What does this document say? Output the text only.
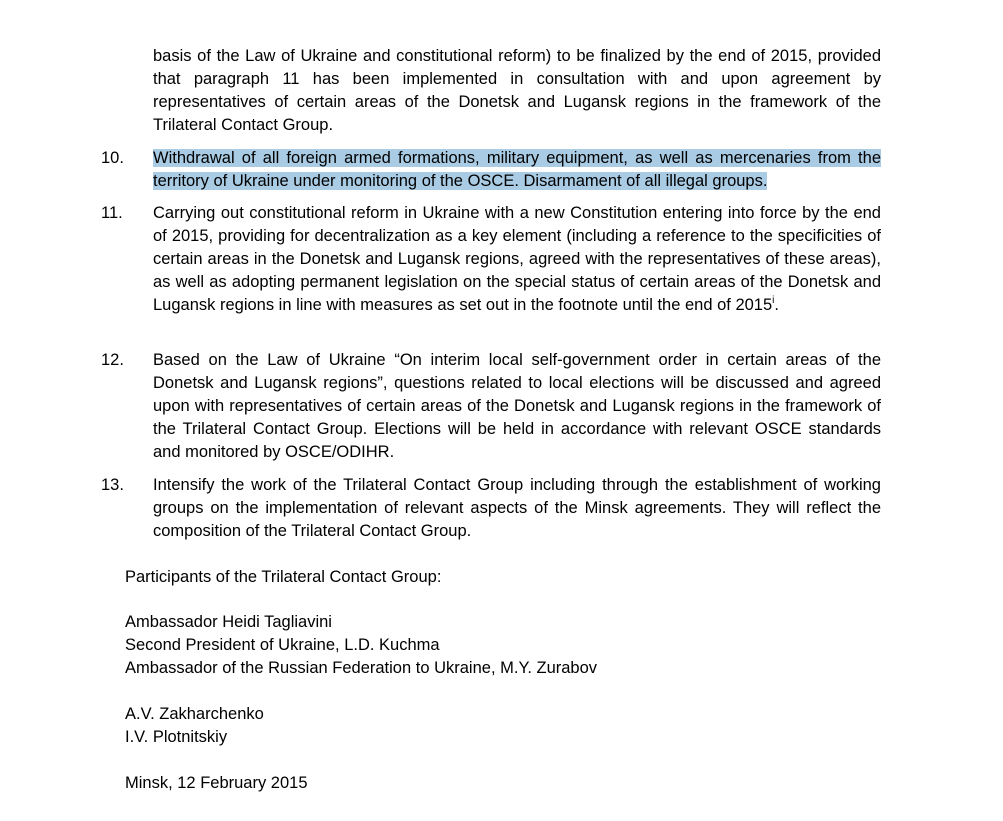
basis of the Law of Ukraine and constitutional reform) to be finalized by the end of 2015, provided that paragraph 11 has been implemented in consultation with and upon agreement by representatives of certain areas of the Donetsk and Lugansk regions in the framework of the Trilateral Contact Group.

10.	Withdrawal of all foreign armed formations, military equipment, as well as mercenaries from the territory of Ukraine under monitoring of the OSCE. Disarmament of all illegal groups.
11.	Carrying out constitutional reform in Ukraine with a new Constitution entering into force by the end of 2015, providing for decentralization as a key element (including a reference to the specificities of certain areas in the Donetsk and Lugansk regions, agreed with the representatives of these areas), as well as adopting permanent legislation on the special status of certain areas of the Donetsk and Lugansk regions in line with measures as set out in the footnote until the end of 2015$^i$.
12.	Based on the Law of Ukraine “On interim local self-government order in certain areas of the Donetsk and Lugansk regions”, questions related to local elections will be discussed and agreed upon with representatives of certain areas of the Donetsk and Lugansk regions in the framework of the Trilateral Contact Group. Elections will be held in accordance with relevant OSCE standards and monitored by OSCE/ODIHR.
13.	Intensify the work of the Trilateral Contact Group including through the establishment of working groups on the implementation of relevant aspects of the Minsk agreements. They will reflect the composition of the Trilateral Contact Group.
Participants of the Trilateral Contact Group:
Ambassador Heidi Tagliavini
Second President of Ukraine, L.D. Kuchma
Ambassador of the Russian Federation to Ukraine, M.Y. Zurabov
A.V. Zakharchenko
I.V. Plotnitskiy
Minsk, 12 February 2015
